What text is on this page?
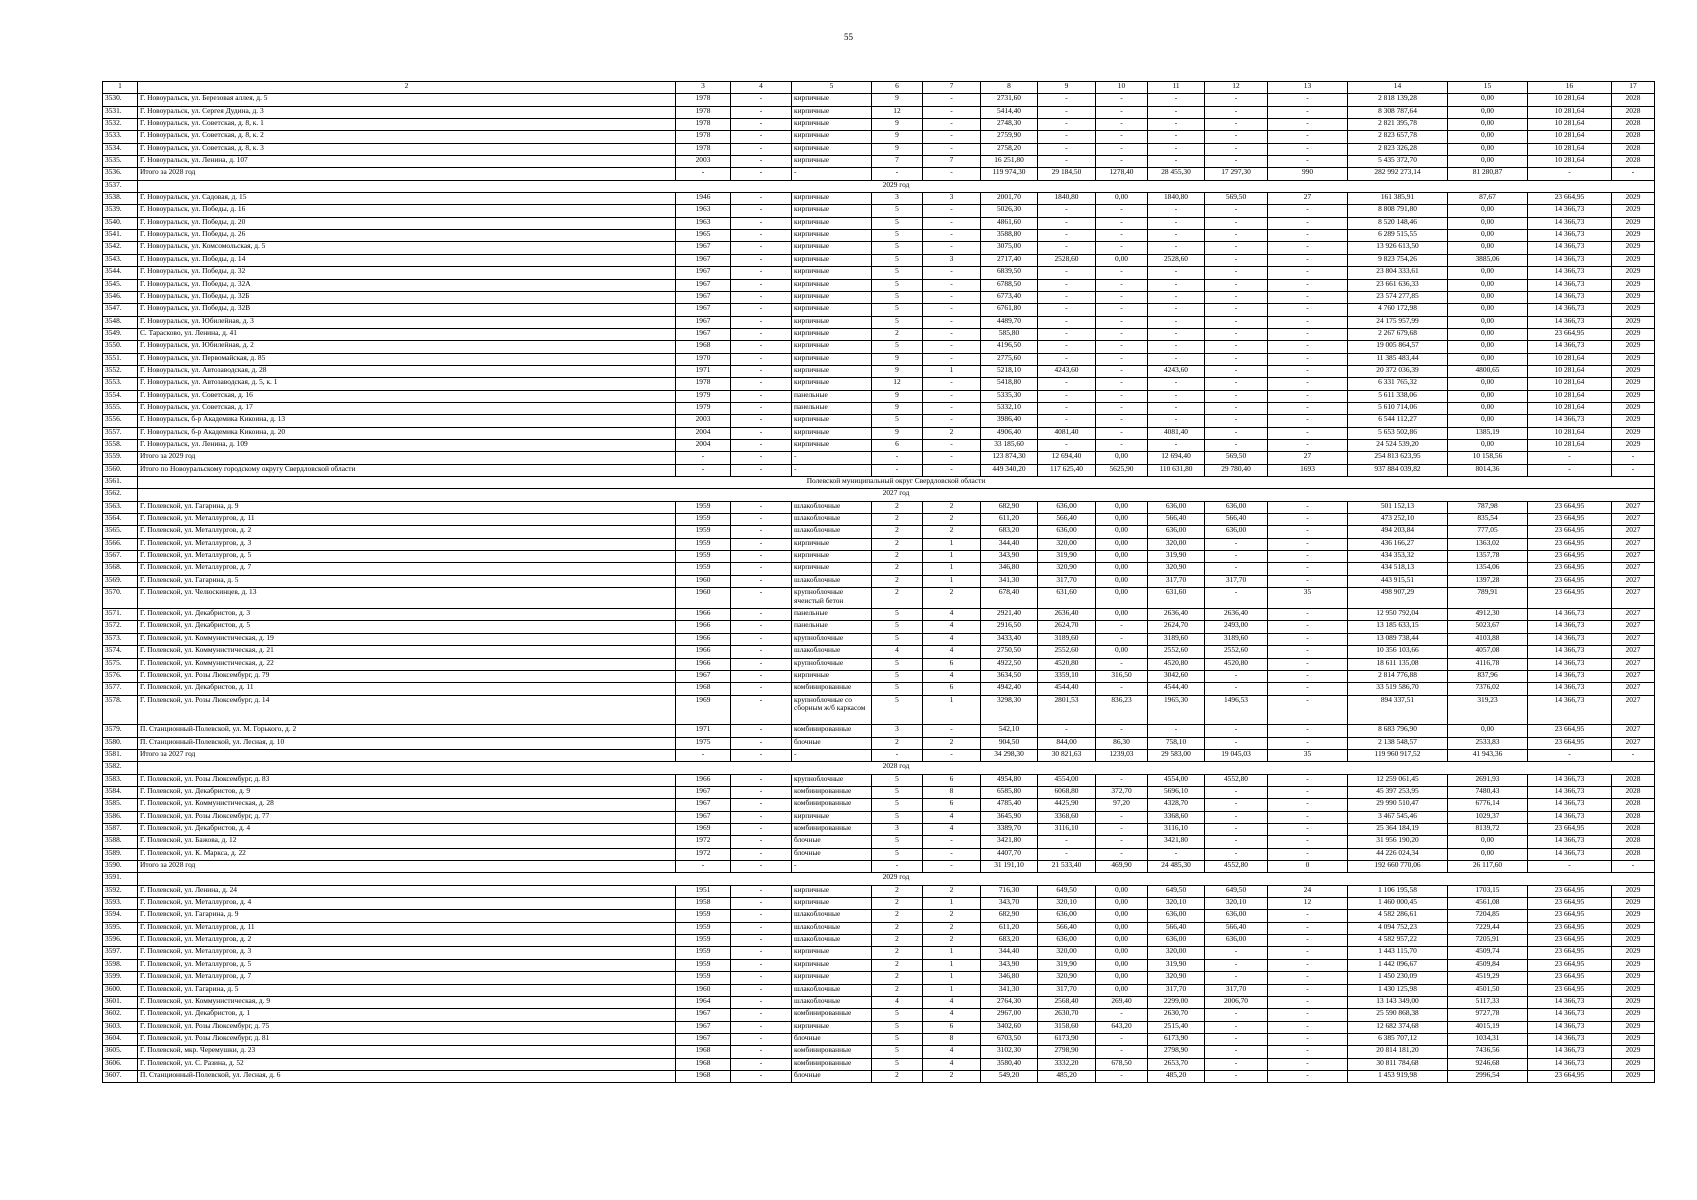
55
1	2	3	4	5	6	7	8	9	10	11	12	13	14	15	16	17
3530.	Г. Новоуральск, ул. Березовая аллея, д. 5	1978	-	кирпичные	9	-	2731,60	-	-	-	-	-	2 818 139,28	0,00	10 281,64	2028
3531.	Г. Новоуральск, ул. Сергея Дудина, д. 3	1978	-	кирпичные	12	-	5414,40	-	-	-	-	-	8 308 787,64	0,00	10 281,64	2028
3532.	Г. Новоуральск, ул. Советская, д. 8, к. 1	1978	-	кирпичные	9	-	2748,30	-	-	-	-	-	2 821 395,78	0,00	10 281,64	2028
3533.	Г. Новоуральск, ул. Советская, д. 8, к. 2	1978	-	кирпичные	9	-	2759,90	-	-	-	-	-	2 823 657,78	0,00	10 281,64	2028
3534.	Г. Новоуральск, ул. Советская, д. 8, к. 3	1978	-	кирпичные	9	-	2758,20	-	-	-	-	-	2 823 326,28	0,00	10 281,64	2028
3535.	Г. Новоуральск, ул. Ленина, д. 107	2003	-	кирпичные	7	7	16 251,80	-	-	-	-	-	5 435 372,70	0,00	10 281,64	2028
3536.	Итого за 2028 год	-	-	-	-	-	119 974,30	29 184,50	1278,40	28 455,30	17 297,30	990	282 992 273,14	81 280,87	-	-
3537.	2029 год															
3538.	Г. Новоуральск, ул. Садовая, д. 15	1946	-	кирпичные	3	3	2001,70	1840,80	0,00	1840,80	569,50	27	161 385,91	87,67	23 664,95	2029
3539.	Г. Новоуральск, ул. Победы, д. 16	1963	-	кирпичные	5	-	5026,30	-	-	-	-	-	8 808 791,80	0,00	14 366,73	2029
3540.	Г. Новоуральск, ул. Победы, д. 20	1963	-	кирпичные	5	-	4861,60	-	-	-	-	-	8 520 148,46	0,00	14 366,73	2029
3541.	Г. Новоуральск, ул. Победы, д. 26	1965	-	кирпичные	5	-	3588,80	-	-	-	-	-	6 289 515,55	0,00	14 366,73	2029
3542.	Г. Новоуральск, ул. Комсомольская, д. 5	1967	-	кирпичные	5	-	3075,00	-	-	-	-	-	13 926 613,50	0,00	14 366,73	2029
3543.	Г. Новоуральск, ул. Победы, д. 14	1967	-	кирпичные	5	3	2717,40	2528,60	0,00	2528,60	-	-	9 823 754,26	3885,06	14 366,73	2029
3544.	Г. Новоуральск, ул. Победы, д. 32	1967	-	кирпичные	5	-	6839,50	-	-	-	-	-	23 804 333,61	0,00	14 366,73	2029
3545.	Г. Новоуральск, ул. Победы, д. 32А	1967	-	кирпичные	5	-	6788,50	-	-	-	-	-	23 661 636,33	0,00	14 366,73	2029
3546.	Г. Новоуральск, ул. Победы, д. 32Б	1967	-	кирпичные	5	-	6773,40	-	-	-	-	-	23 574 277,85	0,00	14 366,73	2029
3547.	Г. Новоуральск, ул. Победы, д. 32В	1967	-	кирпичные	5	-	6761,80	-	-	-	-	-	4 760 172,98	0,00	14 366,73	2029
3548.	Г. Новоуральск, ул. Юбилейная, д. 3	1967	-	кирпичные	5	-	4489,70	-	-	-	-	-	24 175 957,99	0,00	14 366,73	2029
3549.	С. Тарасково, ул. Ленина, д. 41	1967	-	кирпичные	2	-	585,80	-	-	-	-	-	2 267 679,68	0,00	23 664,95	2029
3550.	Г. Новоуральск, ул. Юбилейная, д. 2	1968	-	кирпичные	5	-	4196,50	-	-	-	-	-	19 005 864,57	0,00	14 366,73	2029
3551.	Г. Новоуральск, ул. Первомайская, д. 85	1970	-	кирпичные	9	-	2775,60	-	-	-	-	-	11 385 483,44	0,00	10 281,64	2029
3552.	Г. Новоуральск, ул. Автозаводская, д. 28	1971	-	кирпичные	9	1	5218,10	4243,60	-	4243,60	-	-	20 372 036,39	4800,65	10 281,64	2029
3553.	Г. Новоуральск, ул. Автозаводская, д. 5, к. 1	1978	-	кирпичные	12	-	5418,80	-	-	-	-	-	6 331 765,32	0,00	10 281,64	2029
3554.	Г. Новоуральск, ул. Советская, д. 16	1979	-	панельные	9	-	5335,30	-	-	-	-	-	5 611 338,06	0,00	10 281,64	2029
3555.	Г. Новоуральск, ул. Советская, д. 17	1979	-	панельные	9	-	5332,10	-	-	-	-	-	5 610 714,06	0,00	10 281,64	2029
3556.	Г. Новоуральск, б-р Академика Кикоина, д. 13	2003	-	кирпичные	5	-	3986,40	-	-	-	-	-	6 544 112,27	0,00	14 366,73	2029
3557.	Г. Новоуральск, б-р Академика Кикоина, д. 20	2004	-	кирпичные	9	2	4906,40	4081,40	-	4081,40	-	-	5 653 502,86	1385,19	10 281,64	2029
3558.	Г. Новоуральск, ул. Ленина, д. 109	2004	-	кирпичные	6	-	33 185,60	-	-	-	-	-	24 524 539,20	0,00	10 281,64	2029
3559.	Итого за 2029 год	-	-	-	-	-	123 874,30	12 694,40	0,00	12 694,40	569,50	27	254 813 623,95	10 158,56	-	-
3560.	Итого по Новоуральскому городскому округу Свердловской области	-	-	-	-	-	449 340,20	117 625,40	5625,90	110 631,80	29 780,40	1693	937 884 039,82	8014,36	-	-
3561.	Полевской муниципальный округ Свердловской области															
3562.	2027 год															
3563.	Г. Полевской, ул. Гагарина, д. 9	1959	-	шлакоблочные	2	2	682,90	636,00	0,00	636,00	636,00	-	501 152,13	787,98	23 664,95	2027
3564.	Г. Полевской, ул. Металлургов, д. 11	1959	-	шлакоблочные	2	2	611,20	566,40	0,00	566,40	566,40	-	473 252,10	835,54	23 664,95	2027
3565.	Г. Полевской, ул. Металлургов, д. 2	1959	-	шлакоблочные	2	2	683,20	636,00	0,00	636,00	636,00	-	494 203,84	777,05	23 664,95	2027
3566.	Г. Полевской, ул. Металлургов, д. 3	1959	-	кирпичные	2	1	344,40	320,00	0,00	320,00	-	-	436 166,27	1363,02	23 664,95	2027
3567.	Г. Полевской, ул. Металлургов, д. 5	1959	-	кирпичные	2	1	343,90	319,90	0,00	319,90	-	-	434 353,32	1357,78	23 664,95	2027
3568.	Г. Полевской, ул. Металлургов, д. 7	1959	-	кирпичные	2	1	346,80	320,90	0,00	320,90	-	-	434 518,13	1354,06	23 664,95	2027
3569.	Г. Полевской, ул. Гагарина, д. 5	1960	-	шлакоблочные	2	1	341,30	317,70	0,00	317,70	317,70	-	443 915,51	1397,28	23 664,95	2027
3570.	Г. Полевской, ул. Челюскинцев, д. 13	1960	-	крупноблочные ячеистый бетон	2	2	678,40	631,60	0,00	631,60	-	35	498 907,29	789,91	23 664,95	2027
3571.	Г. Полевской, ул. Декабристов, д. 3	1966	-	панельные	5	4	2921,40	2636,40	0,00	2636,40	2636,40	-	12 950 792,04	4912,30	14 366,73	2027
3572.	Г. Полевской, ул. Декабристов, д. 5	1966	-	панельные	5	4	2916,50	2624,70	-	2624,70	2493,00	-	13 185 633,15	5023,67	14 366,73	2027
3573.	Г. Полевской, ул. Коммунистическая, д. 19	1966	-	крупноблочные	5	4	3433,40	3189,60	-	3189,60	3189,60	-	13 089 738,44	4103,88	14 366,73	2027
3574.	Г. Полевской, ул. Коммунистическая, д. 21	1966	-	шлакоблочные	4	4	2750,50	2552,60	0,00	2552,60	2552,60	-	10 356 103,66	4057,08	14 366,73	2027
3575.	Г. Полевской, ул. Коммунистическая, д. 22	1966	-	крупноблочные	5	6	4922,50	4520,80	-	4520,80	4520,80	-	18 611 135,08	4116,78	14 366,73	2027
3576.	Г. Полевской, ул. Розы Люксембург, д. 79	1967	-	кирпичные	5	4	3634,50	3359,10	316,50	3042,60	-	-	2 814 776,88	837,96	14 366,73	2027
3577.	Г. Полевской, ул. Декабристов, д. 11	1968	-	комбинированные	5	6	4942,40	4544,40	-	4544,40	-	-	33 519 586,70	7376,02	14 366,73	2027
3578.	Г. Полевской, ул. Розы Люксембург, д. 14	1969	-	крупноблочные со сборным ж/б каркасом	5	1	3298,30	2801,53	836,23	1965,30	1496,53	-	894 337,51	319,23	14 366,73	2027
3579.	П. Станционный-Полевской, ул. М. Горького, д. 2	1971	-	комбинированные	3	-	542,10	-	-	-	-	-	8 683 796,90	0,00	23 664,95	2027
3580.	П. Станционный-Полевской, ул. Лесная, д. 10	1975	-	блочные	2	2	904,50	844,00	86,30	758,10	-	-	2 138 548,57	2533,83	23 664,95	2027
3581.	Итого за 2027 год	-	-	-	-	-	34 298,30	30 821,63	1239,03	29 583,00	19 045,03	35	119 960 917,52	41 943,36	-	-
3582.	2028 год															
3583.	Г. Полевской, ул. Розы Люксембург, д. 83	1966	-	крупноблочные	5	6	4954,80	4554,00	-	4554,00	4552,80	-	12 259 061,45	2691,93	14 366,73	2028
3584.	Г. Полевской, ул. Декабристов, д. 9	1967	-	комбинированные	5	8	6585,80	6068,80	372,70	5696,10	-	-	45 397 253,95	7480,43	14 366,73	2028
3585.	Г. Полевской, ул. Коммунистическая, д. 28	1967	-	комбинированные	5	6	4785,40	4425,90	97,20	4328,70	-	-	29 990 510,47	6776,14	14 366,73	2028
3586.	Г. Полевской, ул. Розы Люксембург, д. 77	1967	-	кирпичные	5	4	3645,90	3368,60	-	3368,60	-	-	3 467 545,46	1029,37	14 366,73	2028
3587.	Г. Полевской, ул. Декабристов, д. 4	1969	-	комбинированные	3	4	3389,70	3116,10	-	3116,10	-	-	25 364 184,19	8139,72	23 664,95	2028
3588.	Г. Полевской, ул. Бажова, д. 12	1972	-	блочные	5	-	3421,80	-	-	3421,80	-	-	31 956 190,20	0,00	14 366,73	2028
3589.	Г. Полевской, ул. К. Маркса, д. 22	1972	-	блочные	5	-	4407,70	-	-	-	-	-	44 226 024,34	0,00	14 366,73	2028
3590.	Итого за 2028 год	-	-	-	-	-	31 191,10	21 533,40	469,90	24 485,30	4552,80	0	192 660 770,06	26 117,60	-	-
3591.	2029 год															
3592.	Г. Полевской, ул. Ленина, д. 24	1951	-	кирпичные	2	2	716,30	649,50	0,00	649,50	649,50	24	1 106 195,58	1703,15	23 664,95	2029
3593.	Г. Полевской, ул. Металлургов, д. 4	1958	-	кирпичные	2	1	343,70	320,10	0,00	320,10	320,10	12	1 460 000,45	4561,08	23 664,95	2029
3594.	Г. Полевской, ул. Гагарина, д. 9	1959	-	шлакоблочные	2	2	682,90	636,00	0,00	636,00	636,00	-	4 582 286,61	7204,85	23 664,95	2029
3595.	Г. Полевской, ул. Металлургов, д. 11	1959	-	шлакоблочные	2	2	611,20	566,40	0,00	566,40	566,40	-	4 094 752,23	7229,44	23 664,95	2029
3596.	Г. Полевской, ул. Металлургов, д. 2	1959	-	шлакоблочные	2	2	683,20	636,00	0,00	636,00	636,00	-	4 582 957,22	7205,91	23 664,95	2029
3597.	Г. Полевской, ул. Металлургов, д. 3	1959	-	кирпичные	2	1	344,40	320,00	0,00	320,00	-	-	1 443 115,70	4509,74	23 664,95	2029
3598.	Г. Полевской, ул. Металлургов, д. 5	1959	-	кирпичные	2	1	343,90	319,90	0,00	319,90	-	-	1 442 096,67	4509,84	23 664,95	2029
3599.	Г. Полевской, ул. Металлургов, д. 7	1959	-	кирпичные	2	1	346,80	320,90	0,00	320,90	-	-	1 450 230,09	4519,29	23 664,95	2029
3600.	Г. Полевской, ул. Гагарина, д. 5	1960	-	шлакоблочные	2	1	341,30	317,70	0,00	317,70	317,70	-	1 430 125,98	4501,50	23 664,95	2029
3601.	Г. Полевской, ул. Коммунистическая, д. 9	1964	-	шлакоблочные	4	4	2764,30	2568,40	269,40	2299,00	2006,70	-	13 143 349,00	5117,33	14 366,73	2029
3602.	Г. Полевской, ул. Декабристов, д. 1	1967	-	комбинированные	5	4	2967,00	2630,70	-	2630,70	-	-	25 590 868,38	9727,78	14 366,73	2029
3603.	Г. Полевской, ул. Розы Люксембург, д. 75	1967	-	кирпичные	5	6	3402,60	3158,60	643,20	2515,40	-	-	12 682 374,68	4015,19	14 366,73	2029
3604.	Г. Полевской, ул. Розы Люксембург, д. 81	1967	-	блочные	5	8	6703,50	6173,90	-	6173,90	-	-	6 385 707,12	1034,31	14 366,73	2029
3605.	Г. Полевской, мкр. Черемушки, д. 23	1968	-	комбинированные	5	4	3102,30	2798,90	-	2798,90	-	-	20 814 181,20	7436,56	14 366,73	2029
3606.	Г. Полевской, ул. С. Разина, д. 52	1968	-	комбинированные	5	4	3580,40	3332,20	678,50	2653,70	-	-	30 811 784,68	9246,68	14 366,73	2029
3607.	П. Станционный-Полевской, ул. Лесная, д. 6	1968	-	блочные	2	2	549,20	485,20	-	485,20	-	-	1 453 919,98	2996,54	23 664,95	2029
